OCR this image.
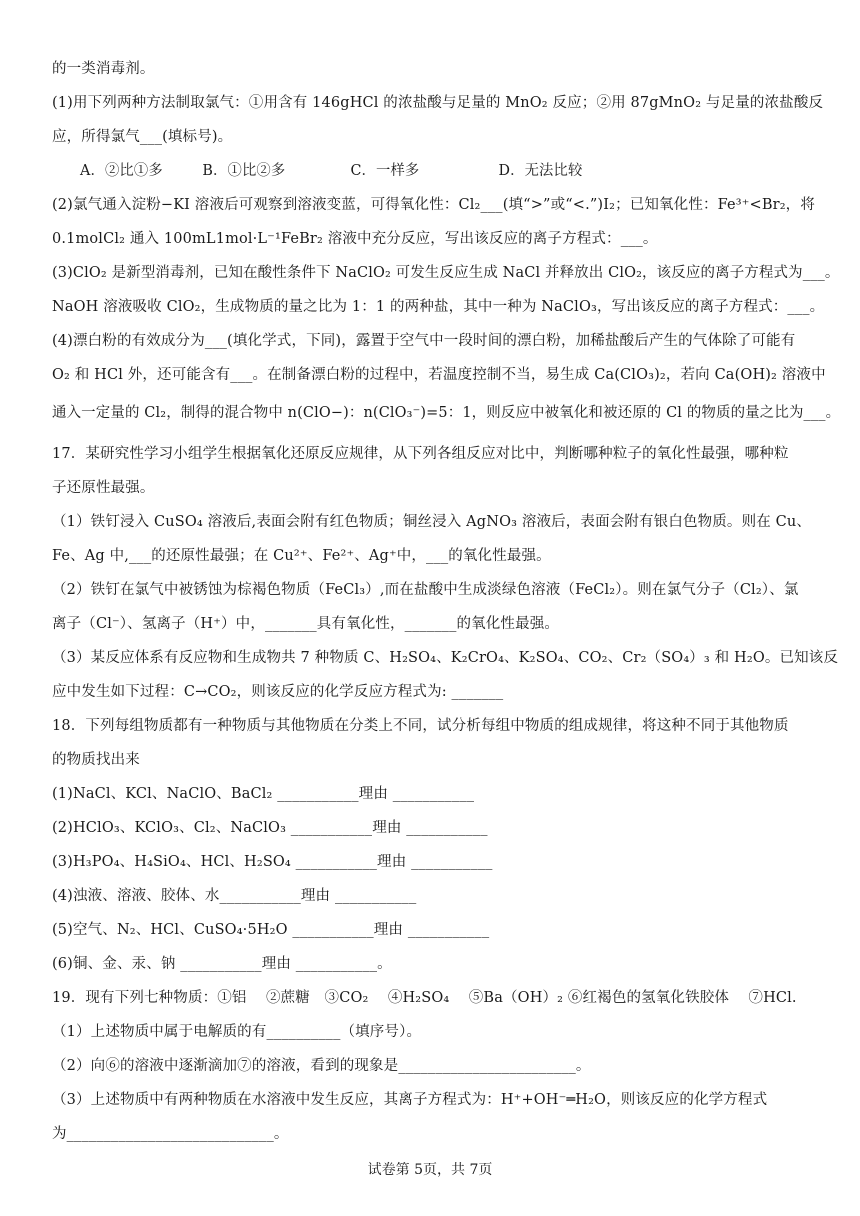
的一类消毒剂。
(1)用下列两种方法制取氯气：①用含有 146gHCl 的浓盐酸与足量的 MnO₂ 反应；②用 87gMnO₂ 与足量的浓盐酸反
应，所得氯气___(填标号)。
A．②比①多	B．①比②多	C．一样多	D．无法比较
(2)氯气通入淀粉−KI 溶液后可观察到溶液变蓝，可得氧化性：Cl₂___(填“>”或“<.”)I₂；已知氧化性：Fe³⁺<Br₂，将
0.1molCl₂ 通入 100mL1mol·L⁻¹FeBr₂ 溶液中充分反应，写出该反应的离子方程式：___。
(3)ClO₂ 是新型消毒剂，已知在酸性条件下 NaClO₂ 可发生反应生成 NaCl 并释放出 ClO₂，该反应的离子方程式为___。
NaOH 溶液吸收 ClO₂，生成物质的量之比为 1：1 的两种盐，其中一种为 NaClO₃，写出该反应的离子方程式：___。
(4)漂白粉的有效成分为___(填化学式，下同)，露置于空气中一段时间的漂白粉，加稀盐酸后产生的气体除了可能有
O₂ 和 HCl 外，还可能含有___。在制备漂白粉的过程中，若温度控制不当，易生成 Ca(ClO₃)₂，若向 Ca(OH)₂ 溶液中
通入一定量的 Cl₂，制得的混合物中 n(ClO−)：n(ClO₃⁻)=5：1，则反应中被氧化和被还原的 Cl 的物质的量之比为___。
17．某研究性学习小组学生根据氧化还原反应规律，从下列各组反应对比中，判断哪种粒子的氧化性最强，哪种粒
子还原性最强。
（1）铁钉浸入 CuSO₄ 溶液后,表面会附有红色物质；铜丝浸入 AgNO₃ 溶液后，表面会附有银白色物质。则在 Cu、
Fe、Ag 中,___的还原性最强；在 Cu²⁺、Fe²⁺、Ag⁺中，___的氧化性最强。
（2）铁钉在氯气中被锈蚀为棕褐色物质（FeCl₃）,而在盐酸中生成淡绿色溶液（FeCl₂）。则在氯气分子（Cl₂）、氯
离子（Cl⁻）、氢离子（H⁺）中，_______具有氧化性，_______的氧化性最强。
（3）某反应体系有反应物和生成物共 7 种物质 C、H₂SO₄、K₂CrO₄、K₂SO₄、CO₂、Cr₂（SO₄）₃ 和 H₂O。已知该反
应中发生如下过程：C→CO₂，则该反应的化学反应方程式为: _______
18．下列每组物质都有一种物质与其他物质在分类上不同，试分析每组中物质的组成规律，将这种不同于其他物质
的物质找出来
(1)NaCl、KCl、NaClO、BaCl₂ ___________理由 ___________
(2)HClO₃、KClO₃、Cl₂、NaClO₃ ___________理由 ___________
(3)H₃PO₄、H₄SiO₄、HCl、H₂SO₄ ___________理由 ___________
(4)浊液、溶液、胶体、水___________理由 ___________
(5)空气、N₂、HCl、CuSO₄·5H₂O ___________理由 ___________
(6)铜、金、汞、钠 ___________理由 ___________。
19．现有下列七种物质：①铝　 ②蔗糖　③CO₂　 ④H₂SO₄　 ⑤Ba（OH）₂ ⑥红褐色的氢氧化铁胶体　 ⑦HCl.
（1）上述物质中属于电解质的有__________（填序号）。
（2）向⑥的溶液中逐渐滴加⑦的溶液，看到的现象是________________________。
（3）上述物质中有两种物质在水溶液中发生反应，其离子方程式为：H⁺+OH⁻═H₂O，则该反应的化学方程式
为____________________________。
试卷第 5页，共 7页
